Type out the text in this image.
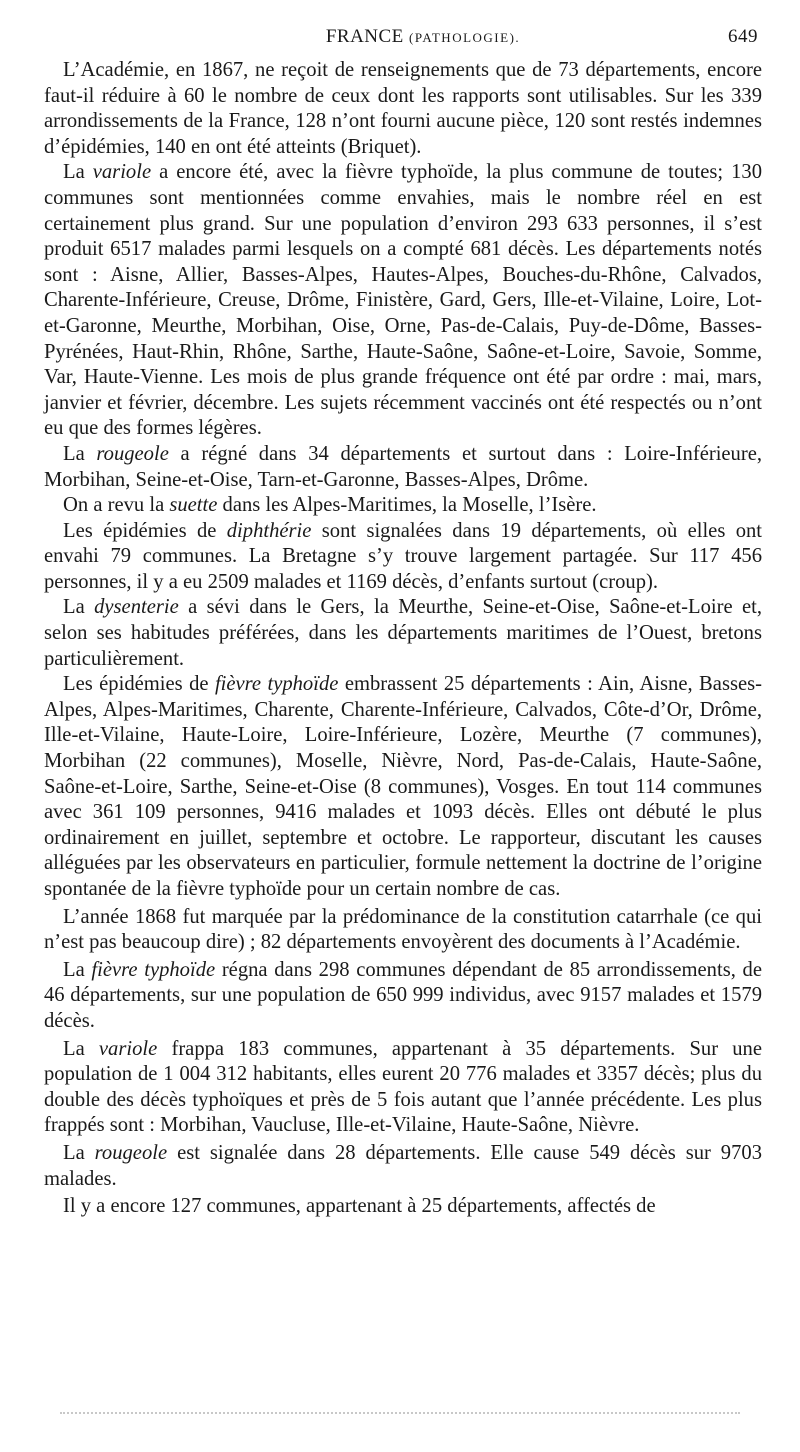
FRANCE (PATHOLOGIE).	649

L’Académie, en 1867, ne reçoit de renseignements que de 73 départements, encore faut-il réduire à 60 le nombre de ceux dont les rapports sont utilisables. Sur les 339 arrondissements de la France, 128 n’ont fourni aucune pièce, 120 sont restés indemnes d’épidémies, 140 en ont été atteints (Briquet).

La variole a encore été, avec la fièvre typhoïde, la plus commune de toutes; 130 communes sont mentionnées comme envahies, mais le nombre réel en est certainement plus grand. Sur une population d’environ 293 633 personnes, il s’est produit 6517 malades parmi lesquels on a compté 681 décès. Les départements notés sont : Aisne, Allier, Basses-Alpes, Hautes-Alpes, Bouches-du-Rhône, Calvados, Charente-Inférieure, Creuse, Drôme, Finistère, Gard, Gers, Ille-et-Vilaine, Loire, Lot-et-Garonne, Meurthe, Morbihan, Oise, Orne, Pas-de-Calais, Puy-de-Dôme, Basses-Pyrénées, Haut-Rhin, Rhône, Sarthe, Haute-Saône, Saône-et-Loire, Savoie, Somme, Var, Haute-Vienne. Les mois de plus grande fréquence ont été par ordre : mai, mars, janvier et février, décembre. Les sujets récemment vaccinés ont été respectés ou n’ont eu que des formes légères.

La rougeole a régné dans 34 départements et surtout dans : Loire-Inférieure, Morbihan, Seine-et-Oise, Tarn-et-Garonne, Basses-Alpes, Drôme.

On a revu la suette dans les Alpes-Maritimes, la Moselle, l’Isère.

Les épidémies de diphthérie sont signalées dans 19 départements, où elles ont envahi 79 communes. La Bretagne s’y trouve largement partagée. Sur 117 456 personnes, il y a eu 2509 malades et 1169 décès, d’enfants surtout (croup).

La dysenterie a sévi dans le Gers, la Meurthe, Seine-et-Oise, Saône-et-Loire et, selon ses habitudes préférées, dans les départements maritimes de l’Ouest, bretons particulièrement.

Les épidémies de fièvre typhoïde embrassent 25 départements : Ain, Aisne, Basses-Alpes, Alpes-Maritimes, Charente, Charente-Inférieure, Calvados, Côte-d’Or, Drôme, Ille-et-Vilaine, Haute-Loire, Loire-Inférieure, Lozère, Meurthe (7 communes), Morbihan (22 communes), Moselle, Nièvre, Nord, Pas-de-Calais, Haute-Saône, Saône-et-Loire, Sarthe, Seine-et-Oise (8 communes), Vosges. En tout 114 communes avec 361 109 personnes, 9416 malades et 1093 décès. Elles ont débuté le plus ordinairement en juillet, septembre et octobre. Le rapporteur, discutant les causes alléguées par les observateurs en particulier, formule nettement la doctrine de l’origine spontanée de la fièvre typhoïde pour un certain nombre de cas.

L’année 1868 fut marquée par la prédominance de la constitution catarrhale (ce qui n’est pas beaucoup dire) ; 82 départements envoyèrent des documents à l’Académie.

La fièvre typhoïde régna dans 298 communes dépendant de 85 arrondissements, de 46 départements, sur une population de 650 999 individus, avec 9157 malades et 1579 décès.

La variole frappa 183 communes, appartenant à 35 départements. Sur une population de 1 004 312 habitants, elles eurent 20 776 malades et 3357 décès; plus du double des décès typhoïques et près de 5 fois autant que l’année précédente. Les plus frappés sont : Morbihan, Vaucluse, Ille-et-Vilaine, Haute-Saône, Nièvre.

La rougeole est signalée dans 28 départements. Elle cause 549 décès sur 9703 malades.

Il y a encore 127 communes, appartenant à 25 départements, affectés de
